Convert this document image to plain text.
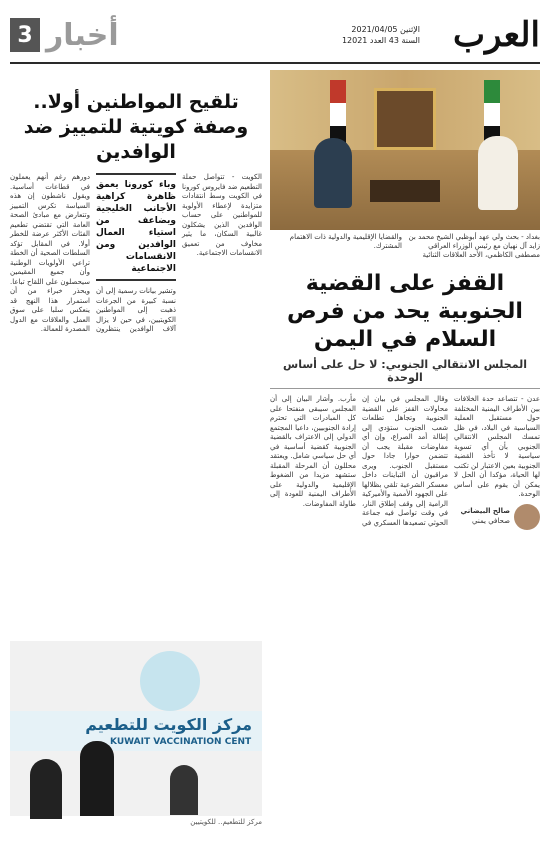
العرب
الإثنين 2021/04/05
السنة 43 العدد 12021
3 أخبار
بغداد - بحث ولي عهد أبوظبي الشيخ محمد بن زايد آل نهيان مع رئيس الوزراء العراقي مصطفى الكاظمي، الأحد العلاقات الثنائية والقضايا الإقليمية والدولية ذات الاهتمام المشترك.
القفز على القضية الجنوبية يحد من فرص السلام في اليمن
المجلس الانتقالي الجنوبي: لا حل على أساس الوحدة

عدن - تتصاعد حدة الخلافات بين الأطراف اليمنية المختلفة حول مستقبل العملية السياسية في البلاد، في ظل تمسك المجلس الانتقالي الجنوبي بأن أي تسوية سياسية لا تأخذ القضية الجنوبية بعين الاعتبار لن تكتب لها الحياة، مؤكدا أن الحل لا يمكن أن يقوم على أساس الوحدة.

صالح البيضاني
صحافي يمني

وقال المجلس في بيان إن محاولات القفز على القضية الجنوبية وتجاهل تطلعات شعب الجنوب ستؤدي إلى إطالة أمد الصراع، وإن أي مفاوضات مقبلة يجب أن تتضمن حوارا جادا حول مستقبل الجنوب. ويرى مراقبون أن التباينات داخل معسكر الشرعية تلقي بظلالها على الجهود الأممية والأميركية الرامية إلى وقف إطلاق النار، في وقت تواصل فيه جماعة الحوثي تصعيدها العسكري في مأرب. وأشار البيان إلى أن المجلس سيبقى منفتحا على كل المبادرات التي تحترم إرادة الجنوبيين، داعيا المجتمع الدولي إلى الاعتراف بالقضية الجنوبية كقضية أساسية في أي حل سياسي شامل. ويعتقد محللون أن المرحلة المقبلة ستشهد مزيدا من الضغوط الإقليمية والدولية على الأطراف اليمنية للعودة إلى طاولة المفاوضات.

تلقيح المواطنين أولا.. وصفة كويتية للتمييز ضد الوافدين

الكويت - تتواصل حملة التطعيم ضد فايروس كورونا في الكويت وسط انتقادات متزايدة لإعطاء الأولوية للمواطنين على حساب الوافدين الذين يشكلون غالبية السكان، ما يثير مخاوف من تعميق الانقسامات الاجتماعية.

وباء كورونا يعمق ظاهرة كراهية الأجانب الخليجية ويضاعف من استياء العمال الوافدين ومن الانقسامات الاجتماعية

وتشير بيانات رسمية إلى أن نسبة كبيرة من الجرعات ذهبت إلى المواطنين الكويتيين، في حين لا يزال آلاف الوافدين ينتظرون دورهم رغم أنهم يعملون في قطاعات أساسية. ويقول ناشطون إن هذه السياسة تكرس التمييز وتتعارض مع مبادئ الصحة العامة التي تقتضي تطعيم الفئات الأكثر عرضة للخطر أولا. في المقابل تؤكد السلطات الصحية أن الخطة تراعي الأولويات الوطنية وأن جميع المقيمين سيحصلون على اللقاح تباعا. ويحذر خبراء من أن استمرار هذا النهج قد ينعكس سلبا على سوق العمل والعلاقات مع الدول المصدرة للعمالة.

مركز الكويت للتطعيم
KUWAIT VACCINATION CENT
مركز للتطعيم.. للكويتيين
